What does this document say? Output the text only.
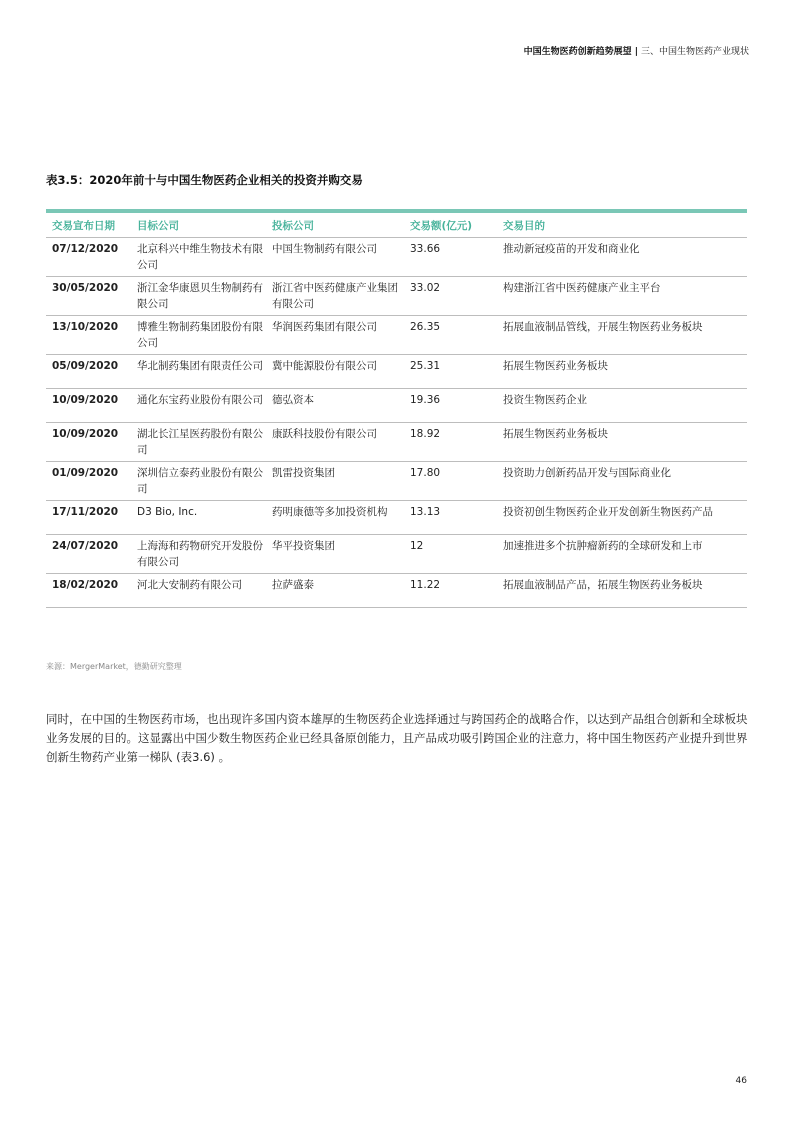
中国生物医药创新趋势展望 | 三、中国生物医药产业现状
表3.5：2020年前十与中国生物医药企业相关的投资并购交易
交易宣布日期	目标公司	投标公司	交易额(亿元)	交易目的
07/12/2020	北京科兴中维生物技术有限公司	中国生物制药有限公司	33.66	推动新冠疫苗的开发和商业化
30/05/2020	浙江金华康恩贝生物制药有限公司	浙江省中医药健康产业集团有限公司	33.02	构建浙江省中医药健康产业主平台
13/10/2020	博雅生物制药集团股份有限公司	华润医药集团有限公司	26.35	拓展血液制品管线，开展生物医药业务板块
05/09/2020	华北制药集团有限责任公司	冀中能源股份有限公司	25.31	拓展生物医药业务板块
10/09/2020	通化东宝药业股份有限公司	德弘资本	19.36	投资生物医药企业
10/09/2020	湖北长江星医药股份有限公司	康跃科技股份有限公司	18.92	拓展生物医药业务板块
01/09/2020	深圳信立泰药业股份有限公司	凯雷投资集团	17.80	投资助力创新药品开发与国际商业化
17/11/2020	D3 Bio, Inc.	药明康德等多加投资机构	13.13	投资初创生物医药企业开发创新生物医药产品
24/07/2020	上海海和药物研究开发股份有限公司	华平投资集团	12	加速推进多个抗肿瘤新药的全球研发和上市
18/02/2020	河北大安制药有限公司	拉萨盛泰	11.22	拓展血液制品产品，拓展生物医药业务板块
来源：MergerMarket，德勤研究整理

同时，在中国的生物医药市场，也出现许多国内资本雄厚的生物医药企业选择通过与跨国药企的战略合作，以达到产品组合创新和全球板块业务发展的目的。这显露出中国少数生物医药企业已经具备原创能力，且产品成功吸引跨国企业的注意力，将中国生物医药产业提升到世界创新生物药产业第一梯队 (表3.6) 。

46
